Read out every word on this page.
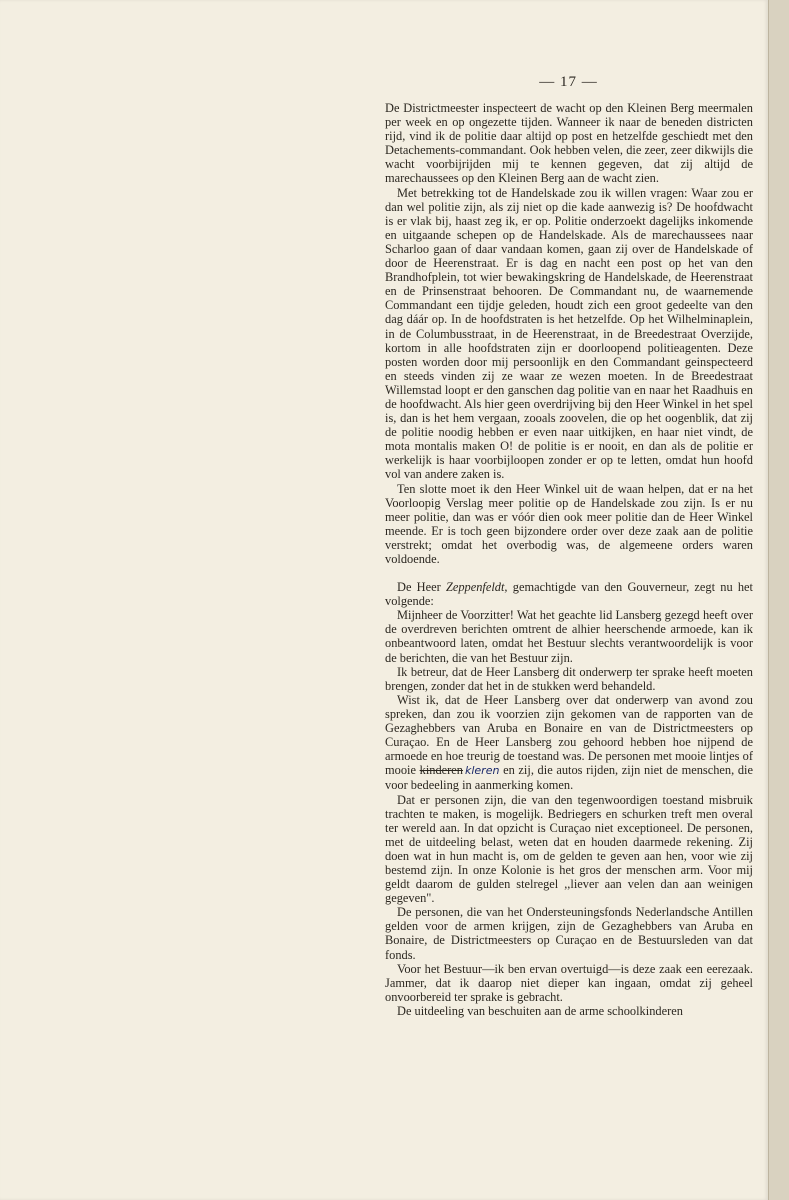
— 17 —

De Districtmeester inspecteert de wacht op den Kleinen Berg meermalen per week en op ongezette tijden. Wanneer ik naar de beneden districten rijd, vind ik de politie daar altijd op post en hetzelfde geschiedt met den Detachements-commandant. Ook hebben velen, die zeer, zeer dikwijls die wacht voorbijrijden mij te kennen gegeven, dat zij altijd de marechaussees op den Kleinen Berg aan de wacht zien.

Met betrekking tot de Handelskade zou ik willen vragen: Waar zou er dan wel politie zijn, als zij niet op die kade aanwezig is? De hoofdwacht is er vlak bij, haast zeg ik, er op. Politie onderzoekt dagelijks inkomende en uitgaande schepen op de Handelskade. Als de marechaussees naar Scharloo gaan of daar vandaan komen, gaan zij over de Handelskade of door de Heerenstraat. Er is dag en nacht een post op het van den Brandhofplein, tot wier bewakingskring de Handelskade, de Heerenstraat en de Prinsenstraat behooren. De Commandant nu, de waarnemende Commandant een tijdje geleden, houdt zich een groot gedeelte van den dag dáár op. In de hoofdstraten is het hetzelfde. Op het Wilhelminaplein, in de Columbusstraat, in de Heerenstraat, in de Breedestraat Overzijde, kortom in alle hoofdstraten zijn er doorloopend politieagenten. Deze posten worden door mij persoonlijk en den Commandant geinspecteerd en steeds vinden zij ze waar ze wezen moeten. In de Breedestraat Willemstad loopt er den ganschen dag politie van en naar het Raadhuis en de hoofdwacht. Als hier geen overdrijving bij den Heer Winkel in het spel is, dan is het hem vergaan, zooals zoovelen, die op het oogenblik, dat zij de politie noodig hebben er even naar uitkijken, en haar niet vindt, de mota montalis maken O! de politie is er nooit, en dan als de politie er werkelijk is haar voorbijloopen zonder er op te letten, omdat hun hoofd vol van andere zaken is.

Ten slotte moet ik den Heer Winkel uit de waan helpen, dat er na het Voorloopig Verslag meer politie op de Handelskade zou zijn. Is er nu meer politie, dan was er vóór dien ook meer politie dan de Heer Winkel meende. Er is toch geen bijzondere order over deze zaak aan de politie verstrekt; omdat het overbodig was, de algemeene orders waren voldoende.

De Heer Zeppenfeldt, gemachtigde van den Gouverneur, zegt nu het volgende:

Mijnheer de Voorzitter! Wat het geachte lid Lansberg gezegd heeft over de overdreven berichten omtrent de alhier heerschende armoede, kan ik onbeantwoord laten, omdat het Bestuur slechts verantwoordelijk is voor de berichten, die van het Bestuur zijn.

Ik betreur, dat de Heer Lansberg dit onderwerp ter sprake heeft moeten brengen, zonder dat het in de stukken werd behandeld.

Wist ik, dat de Heer Lansberg over dat onderwerp van avond zou spreken, dan zou ik voorzien zijn gekomen van de rapporten van de Gezaghebbers van Aruba en Bonaire en van de Districtmeesters op Curaçao. En de Heer Lansberg zou gehoord hebben hoe nijpend de armoede en hoe treurig de toestand was. De personen met mooie lintjes of mooie kinderen kleren en zij, die autos rijden, zijn niet de menschen, die voor bedeeling in aanmerking komen.

Dat er personen zijn, die van den tegenwoordigen toestand misbruik trachten te maken, is mogelijk. Bedriegers en schurken treft men overal ter wereld aan. In dat opzicht is Curaçao niet exceptioneel. De personen, met de uitdeeling belast, weten dat en houden daarmede rekening. Zij doen wat in hun macht is, om de gelden te geven aan hen, voor wie zij bestemd zijn. In onze Kolonie is het gros der menschen arm. Voor mij geldt daarom de gulden stelregel ,,liever aan velen dan aan weinigen gegeven".

De personen, die van het Ondersteuningsfonds Nederlandsche Antillen gelden voor de armen krijgen, zijn de Gezaghebbers van Aruba en Bonaire, de Districtmeesters op Curaçao en de Bestuursleden van dat fonds.

Voor het Bestuur—ik ben ervan overtuigd—is deze zaak een eerezaak. Jammer, dat ik daarop niet dieper kan ingaan, omdat zij geheel onvoorbereid ter sprake is gebracht.

De uitdeeling van beschuiten aan de arme schoolkinderen
